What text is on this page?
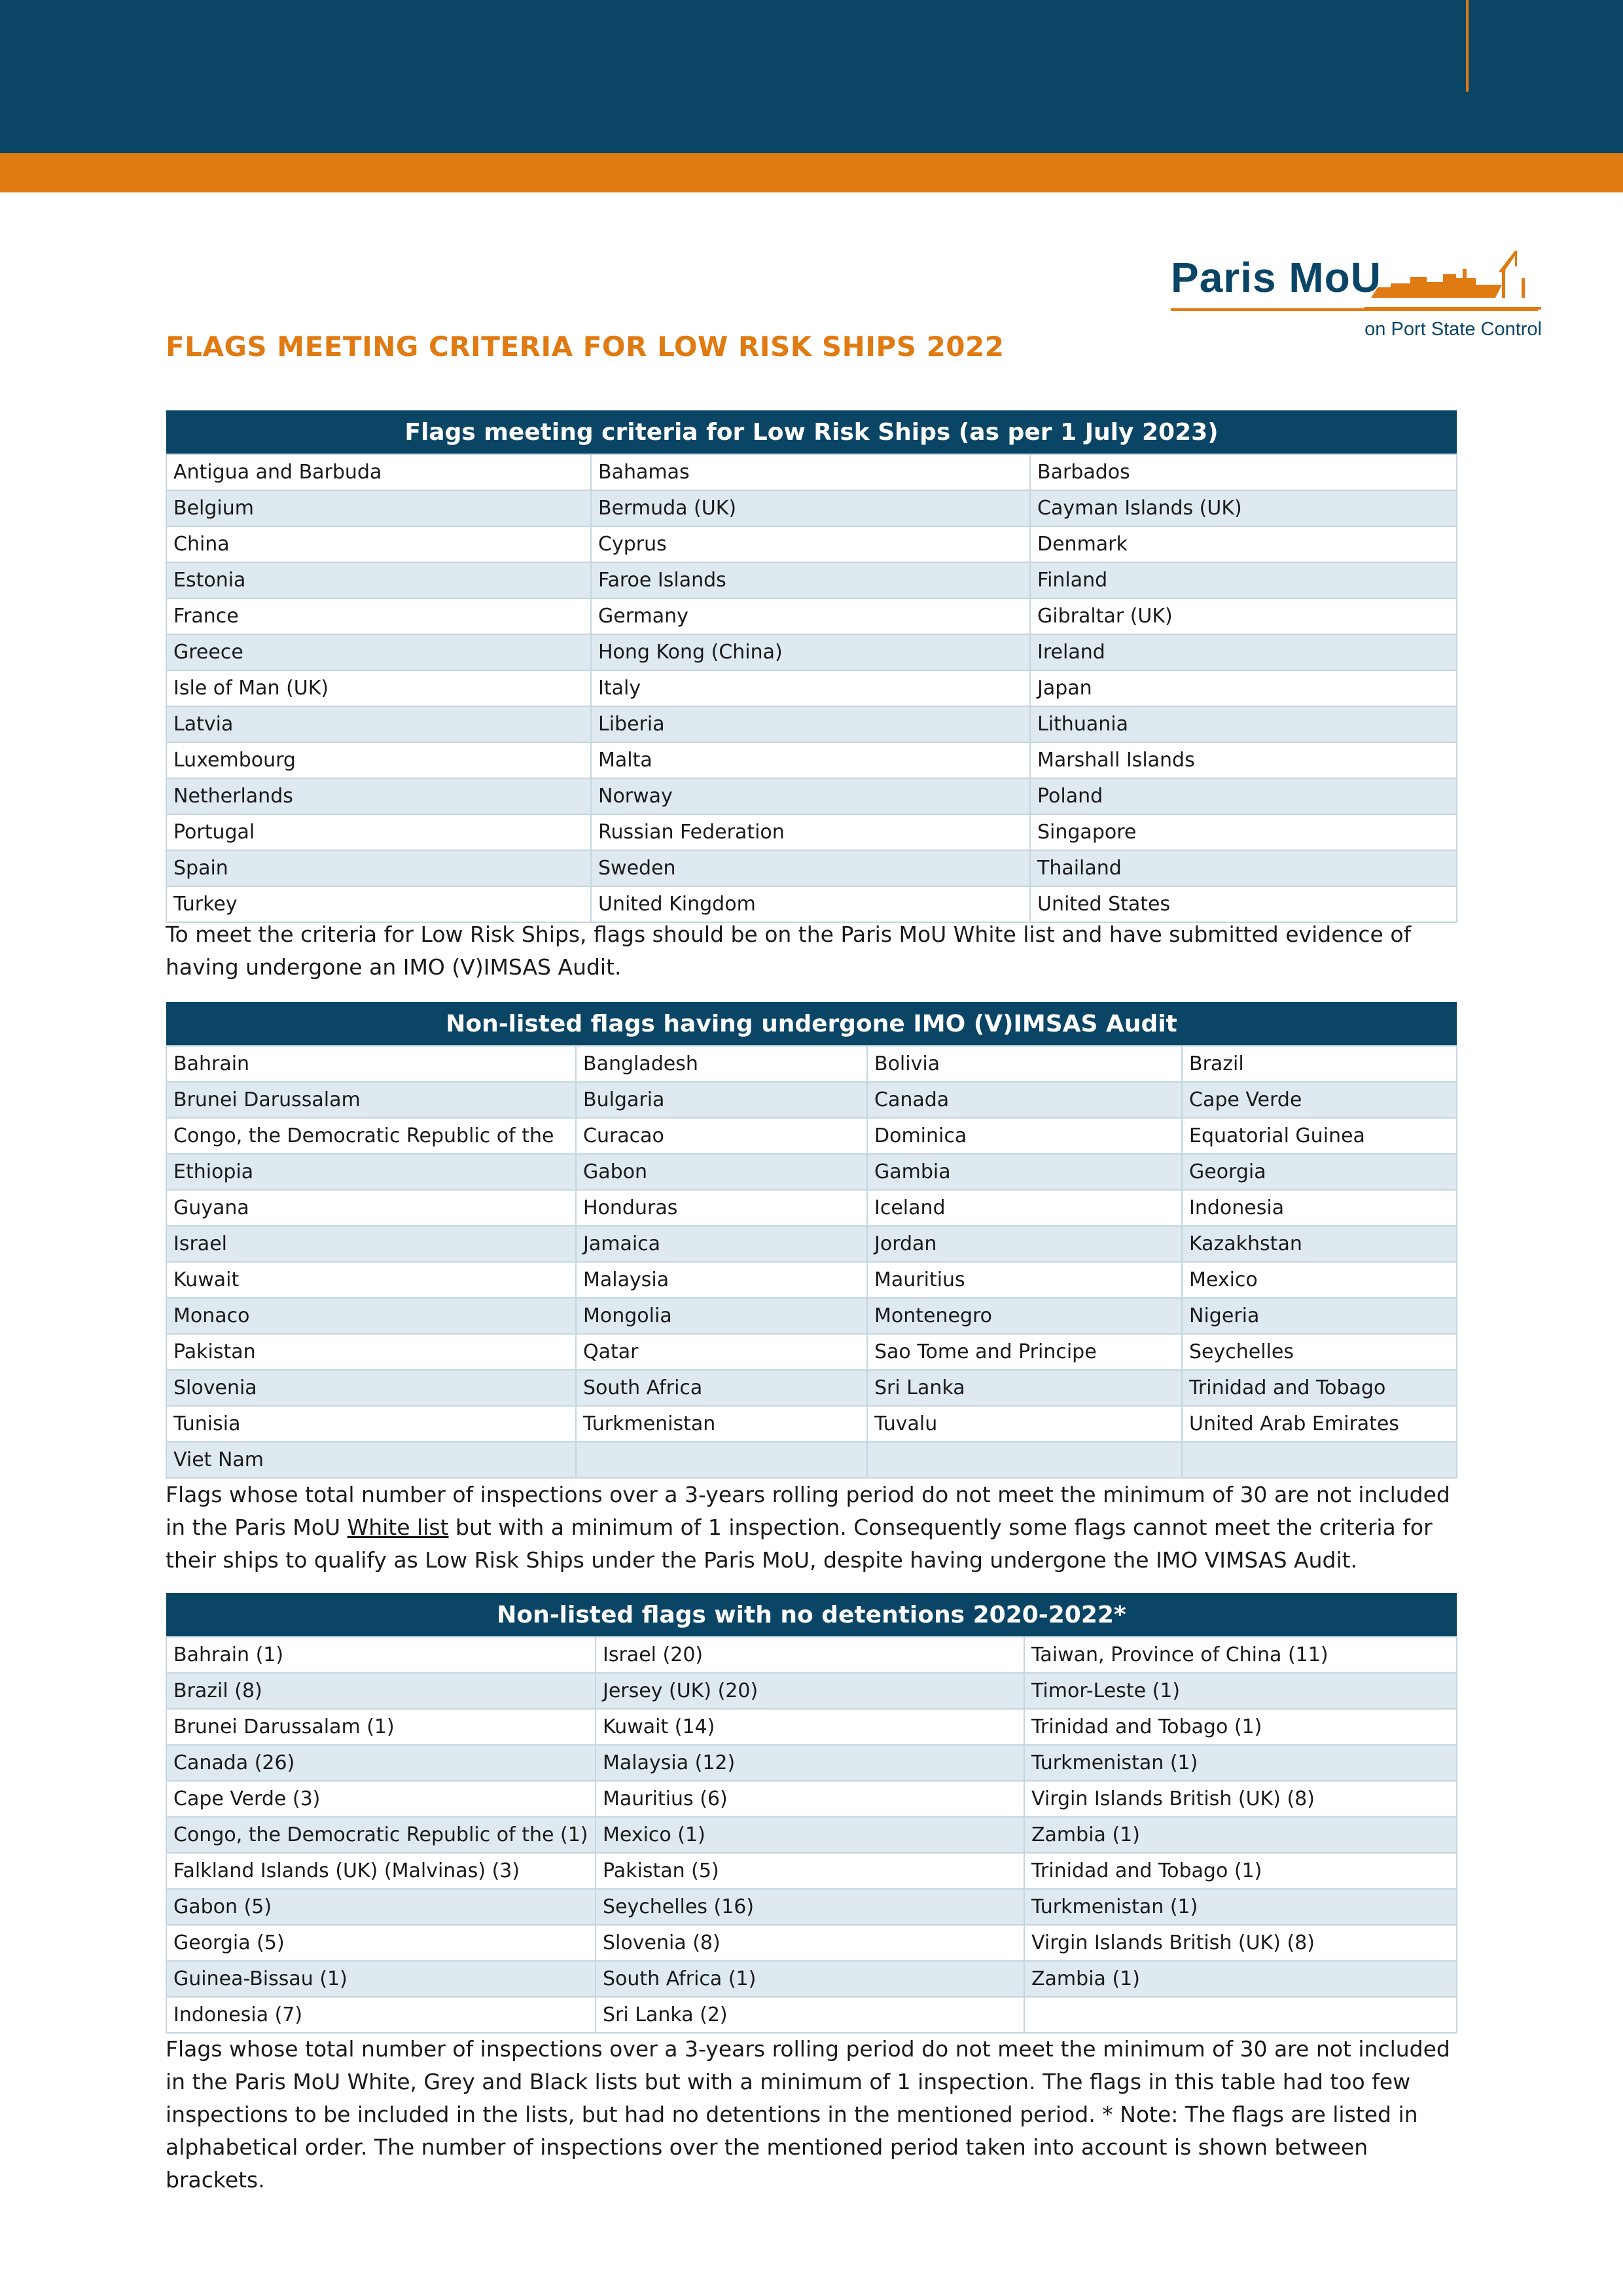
Paris MoU
on Port State Control
FLAGS MEETING CRITERIA FOR LOW RISK SHIPS 2022
Flags meeting criteria for Low Risk Ships (as per 1 July 2023)		
Antigua and Barbuda	Bahamas	Barbados
Belgium	Bermuda (UK)	Cayman Islands (UK)
China	Cyprus	Denmark
Estonia	Faroe Islands	Finland
France	Germany	Gibraltar (UK)
Greece	Hong Kong (China)	Ireland
Isle of Man (UK)	Italy	Japan
Latvia	Liberia	Lithuania
Luxembourg	Malta	Marshall Islands
Netherlands	Norway	Poland
Portugal	Russian Federation	Singapore
Spain	Sweden	Thailand
Turkey	United Kingdom	United States
To meet the criteria for Low Risk Ships, flags should be on the Paris MoU White list and have submitted evidence of having undergone an IMO (V)IMSAS Audit.
Non-listed flags having undergone IMO (V)IMSAS Audit			
Bahrain	Bangladesh	Bolivia	Brazil
Brunei Darussalam	Bulgaria	Canada	Cape Verde
Congo, the Democratic Republic of the	Curacao	Dominica	Equatorial Guinea
Ethiopia	Gabon	Gambia	Georgia
Guyana	Honduras	Iceland	Indonesia
Israel	Jamaica	Jordan	Kazakhstan
Kuwait	Malaysia	Mauritius	Mexico
Monaco	Mongolia	Montenegro	Nigeria
Pakistan	Qatar	Sao Tome and Principe	Seychelles
Slovenia	South Africa	Sri Lanka	Trinidad and Tobago
Tunisia	Turkmenistan	Tuvalu	United Arab Emirates
Viet Nam			
Flags whose total number of inspections over a 3-years rolling period do not meet the minimum of 30 are not included in the Paris MoU White list but with a minimum of 1 inspection. Consequently some flags cannot meet the criteria for their ships to qualify as Low Risk Ships under the Paris MoU, despite having undergone the IMO VIMSAS Audit.
Non-listed flags with no detentions 2020-2022*		
Bahrain (1)	Israel (20)	Taiwan, Province of China (11)
Brazil (8)	Jersey (UK) (20)	Timor-Leste (1)
Brunei Darussalam (1)	Kuwait (14)	Trinidad and Tobago (1)
Canada (26)	Malaysia (12)	Turkmenistan (1)
Cape Verde (3)	Mauritius (6)	Virgin Islands British (UK) (8)
Congo, the Democratic Republic of the (1)	Mexico (1)	Zambia (1)
Falkland Islands (UK) (Malvinas) (3)	Pakistan (5)	Trinidad and Tobago (1)
Gabon (5)	Seychelles (16)	Turkmenistan (1)
Georgia (5)	Slovenia (8)	Virgin Islands British (UK) (8)
Guinea-Bissau (1)	South Africa (1)	Zambia (1)
Indonesia (7)	Sri Lanka (2)	
Flags whose total number of inspections over a 3-years rolling period do not meet the minimum of 30 are not included in the Paris MoU White, Grey and Black lists but with a minimum of 1 inspection. The flags in this table had too few inspections to be included in the lists, but had no detentions in the mentioned period. * Note: The flags are listed in alphabetical order. The number of inspections over the mentioned period taken into account is shown between brackets.
